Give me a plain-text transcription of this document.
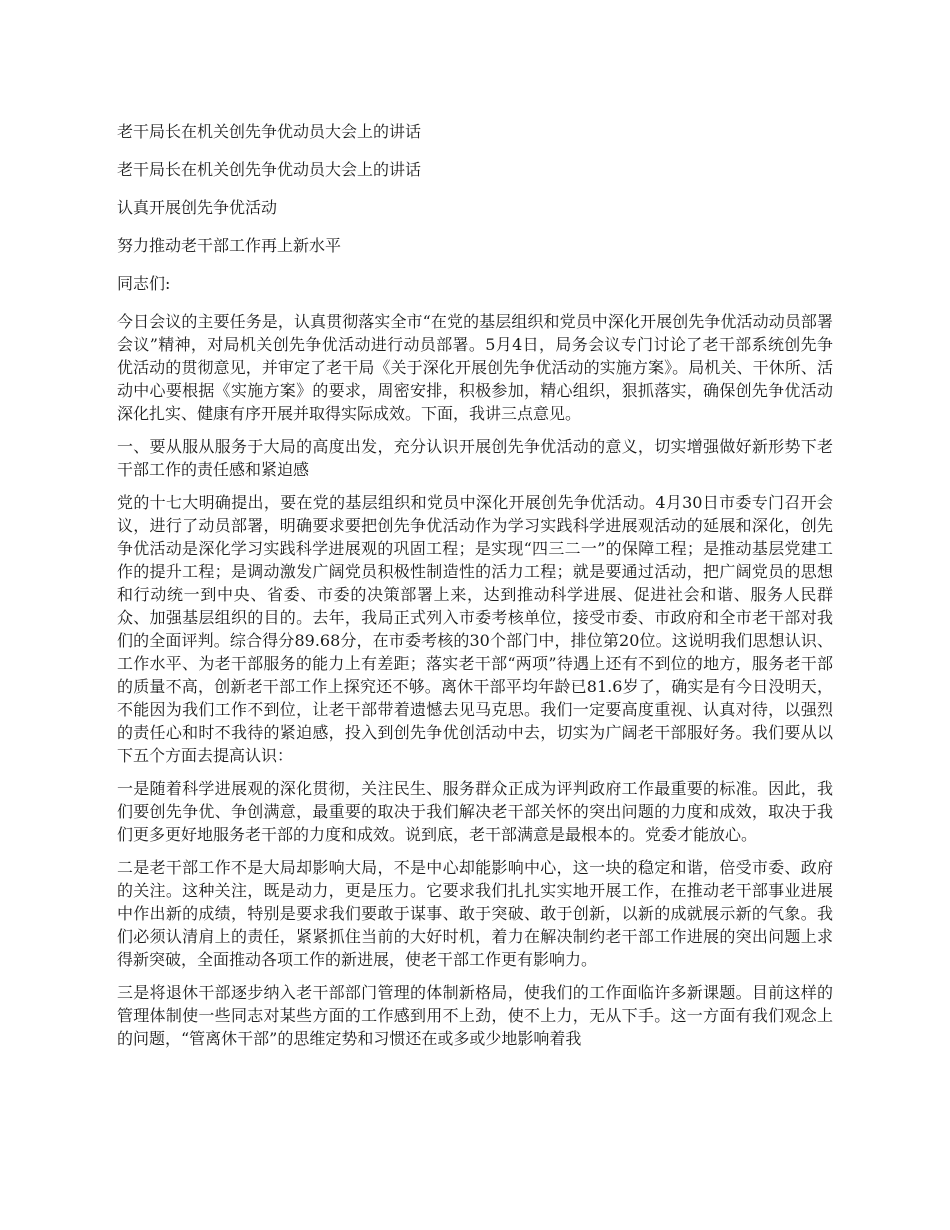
老干局长在机关创先争优动员大会上的讲话

老干局长在机关创先争优动员大会上的讲话

认真开展创先争优活动

努力推动老干部工作再上新水平

同志们:

今日会议的主要任务是，认真贯彻落实全市“在党的基层组织和党员中深化开展创先争优活动动员部署会议”精神，对局机关创先争优活动进行动员部署。5月4日，局务会议专门讨论了老干部系统创先争优活动的贯彻意见，并审定了老干局《关于深化开展创先争优活动的实施方案》。局机关、干休所、活动中心要根据《实施方案》的要求，周密安排，积极参加，精心组织，狠抓落实，确保创先争优活动深化扎实、健康有序开展并取得实际成效。下面，我讲三点意见。

一、要从服从服务于大局的高度出发，充分认识开展创先争优活动的意义，切实增强做好新形势下老干部工作的责任感和紧迫感

党的十七大明确提出，要在党的基层组织和党员中深化开展创先争优活动。4月30日市委专门召开会议，进行了动员部署，明确要求要把创先争优活动作为学习实践科学进展观活动的延展和深化，创先争优活动是深化学习实践科学进展观的巩固工程；是实现“四三二一”的保障工程；是推动基层党建工作的提升工程；是调动激发广阔党员积极性制造性的活力工程；就是要通过活动，把广阔党员的思想和行动统一到中央、省委、市委的决策部署上来，达到推动科学进展、促进社会和谐、服务人民群众、加强基层组织的目的。去年，我局正式列入市委考核单位，接受市委、市政府和全市老干部对我们的全面评判。综合得分89.68分，在市委考核的30个部门中，排位第20位。这说明我们思想认识、工作水平、为老干部服务的能力上有差距；落实老干部“两项”待遇上还有不到位的地方，服务老干部的质量不高，创新老干部工作上探究还不够。离休干部平均年龄已81.6岁了，确实是有今日没明天，不能因为我们工作不到位，让老干部带着遗憾去见马克思。我们一定要高度重视、认真对待，以强烈的责任心和时不我待的紧迫感，投入到创先争优创活动中去，切实为广阔老干部服好务。我们要从以下五个方面去提高认识：

一是随着科学进展观的深化贯彻，关注民生、服务群众正成为评判政府工作最重要的标准。因此，我们要创先争优、争创满意，最重要的取决于我们解决老干部关怀的突出问题的力度和成效，取决于我们更多更好地服务老干部的力度和成效。说到底，老干部满意是最根本的。党委才能放心。

二是老干部工作不是大局却影响大局，不是中心却能影响中心，这一块的稳定和谐，倍受市委、政府的关注。这种关注，既是动力，更是压力。它要求我们扎扎实实地开展工作，在推动老干部事业进展中作出新的成绩，特别是要求我们要敢于谋事、敢于突破、敢于创新，以新的成就展示新的气象。我们必须认清肩上的责任，紧紧抓住当前的大好时机，着力在解决制约老干部工作进展的突出问题上求得新突破，全面推动各项工作的新进展，使老干部工作更有影响力。

三是将退休干部逐步纳入老干部部门管理的体制新格局，使我们的工作面临许多新课题。目前这样的管理体制使一些同志对某些方面的工作感到用不上劲，使不上力，无从下手。这一方面有我们观念上的问题，“管离休干部”的思维定势和习惯还在或多或少地影响着我
